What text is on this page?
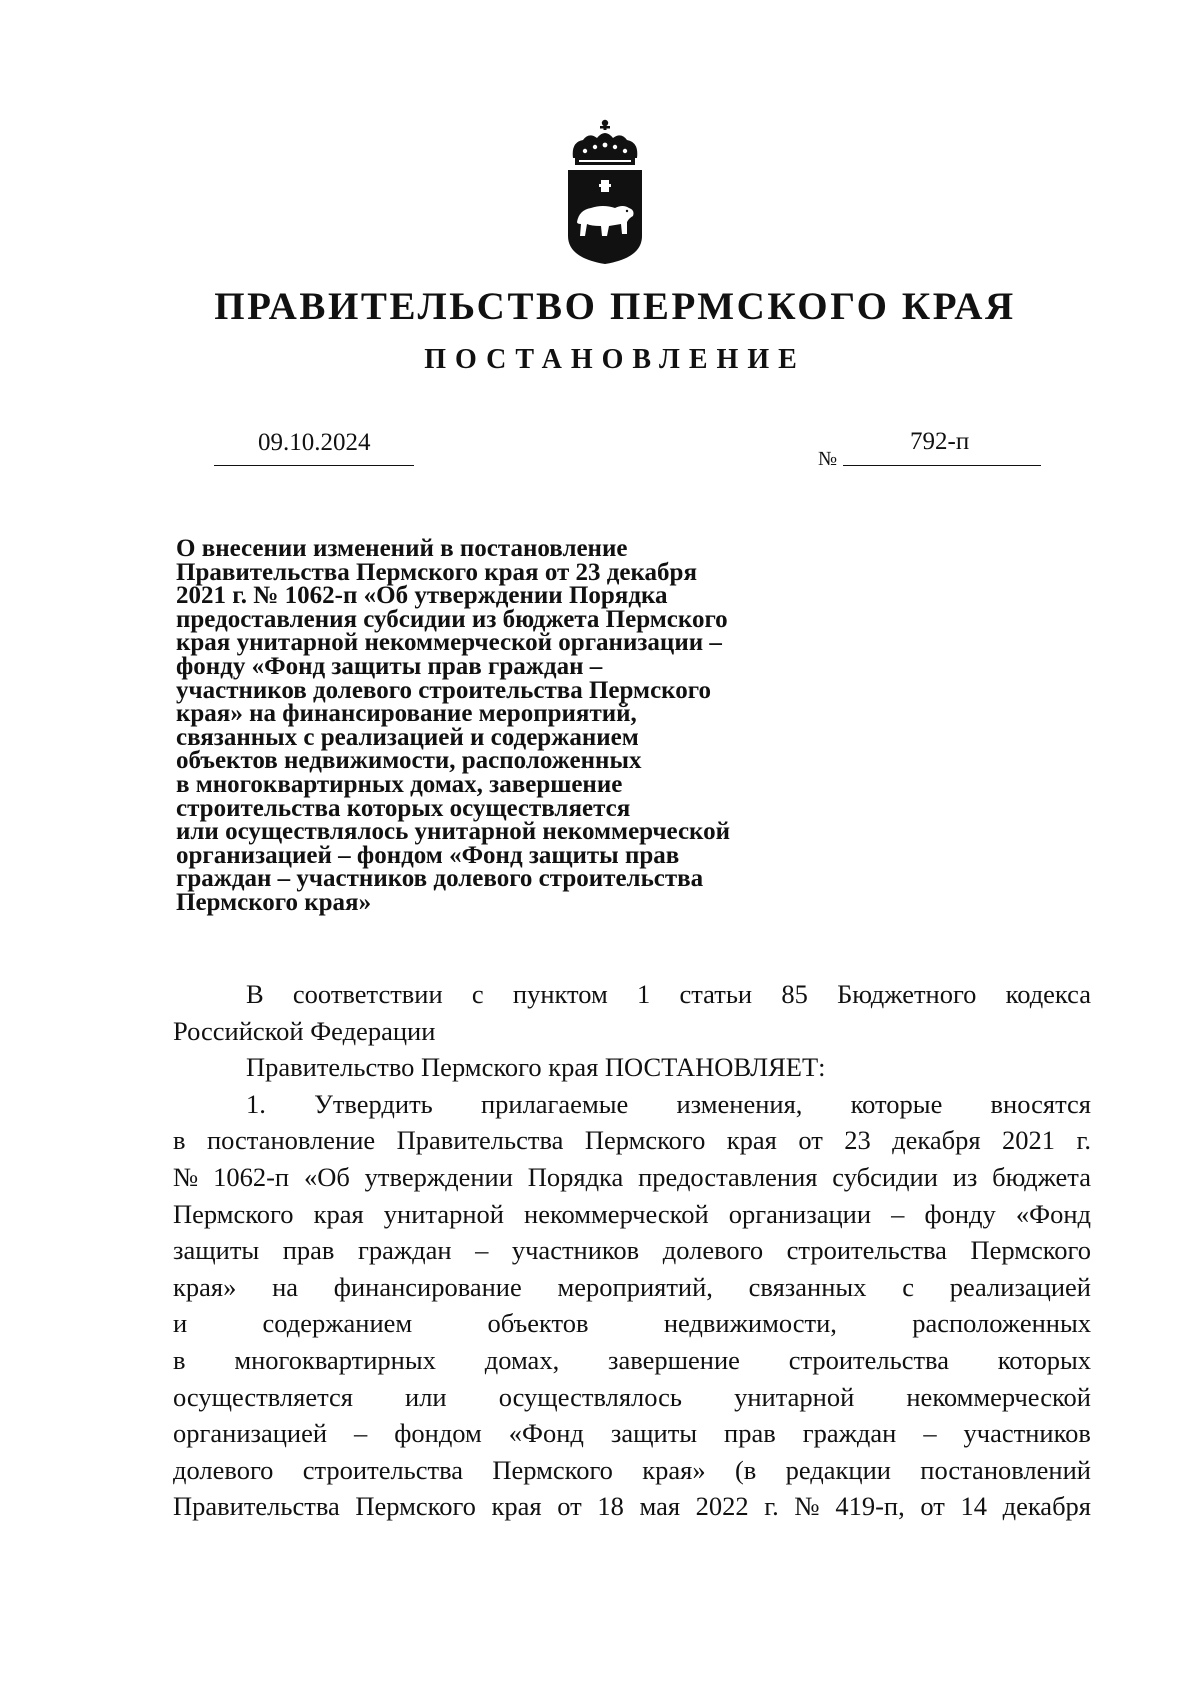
ПРАВИТЕЛЬСТВО ПЕРМСКОГО КРАЯ
ПОСТАНОВЛЕНИЕ
09.10.2024
№
792-п
О внесении изменений в постановление
Правительства Пермского края от 23 декабря
2021 г. № 1062-п «Об утверждении Порядка
предоставления субсидии из бюджета Пермского
края унитарной некоммерческой организации –
фонду «Фонд защиты прав граждан –
участников долевого строительства Пермского
края» на финансирование мероприятий,
связанных с реализацией и содержанием
объектов недвижимости, расположенных
в многоквартирных домах, завершение
строительства которых осуществляется
или осуществлялось унитарной некоммерческой
организацией – фондом «Фонд защиты прав
граждан – участников долевого строительства
Пермского края»
В соответствии с пунктом 1 статьи 85 Бюджетного кодекса
Российской Федерации
Правительство Пермского края ПОСТАНОВЛЯЕТ:
1. Утвердить прилагаемые изменения, которые вносятся
в постановление Правительства Пермского края от 23 декабря 2021 г.
№ 1062-п «Об утверждении Порядка предоставления субсидии из бюджета
Пермского края унитарной некоммерческой организации – фонду «Фонд
защиты прав граждан – участников долевого строительства Пермского
края» на финансирование мероприятий, связанных с реализацией
и	содержанием	объектов	недвижимости,	расположенных
в многоквартирных домах, завершение строительства которых
осуществляется или осуществлялось унитарной некоммерческой
организацией – фондом «Фонд защиты прав граждан – участников
долевого строительства Пермского края» (в редакции постановлений
Правительства Пермского края от 18 мая 2022 г. № 419-п, от 14 декабря
